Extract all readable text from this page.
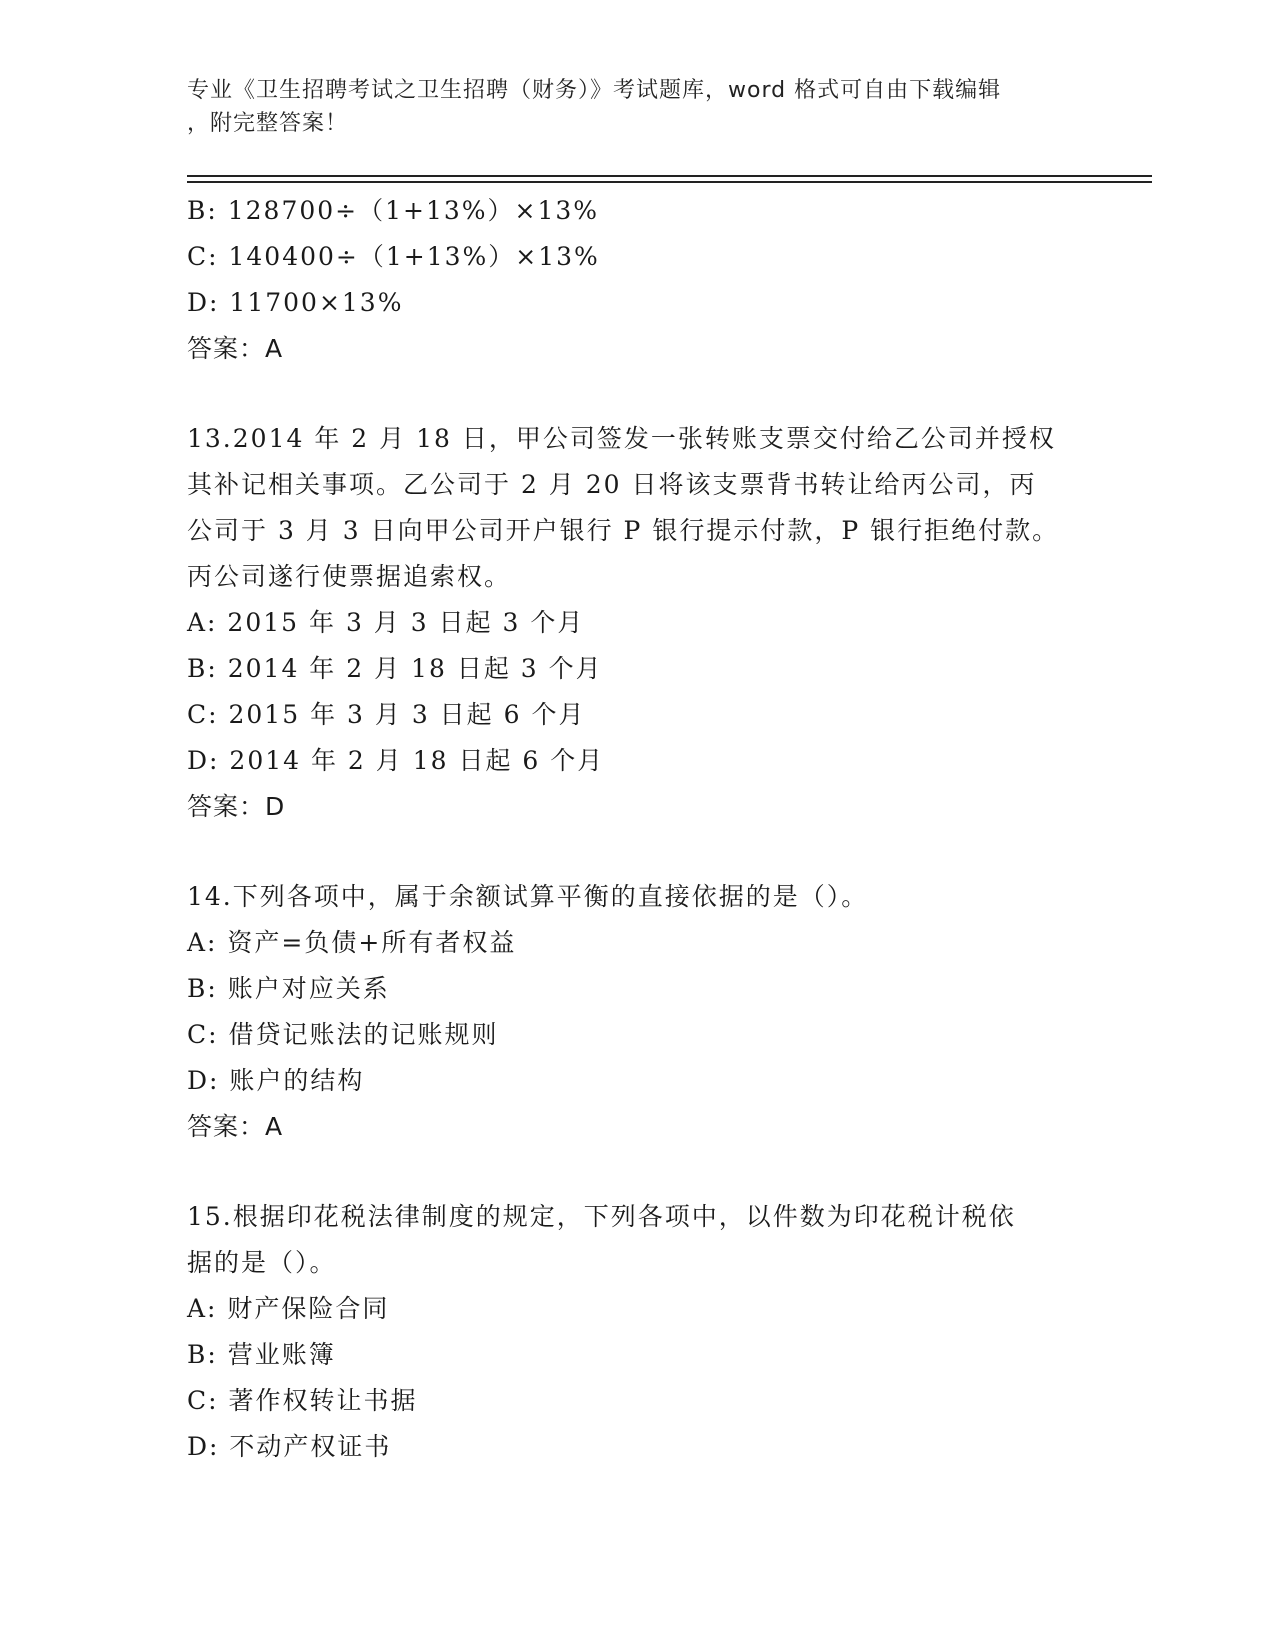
专业《卫生招聘考试之卫生招聘（财务）》考试题库，word 格式可自由下载编辑
，附完整答案！
B: 128700÷（1+13%）×13%
C: 140400÷（1+13%）×13%
D: 11700×13%
答案：A
13.2014 年 2 月 18 日，甲公司签发一张转账支票交付给乙公司并授权
其补记相关事项。乙公司于 2 月 20 日将该支票背书转让给丙公司，丙
公司于 3 月 3 日向甲公司开户银行 P 银行提示付款，P 银行拒绝付款。
丙公司遂行使票据追索权。
A: 2015 年 3 月 3 日起 3 个月
B: 2014 年 2 月 18 日起 3 个月
C: 2015 年 3 月 3 日起 6 个月
D: 2014 年 2 月 18 日起 6 个月
答案：D
14.下列各项中，属于余额试算平衡的直接依据的是（）。
A: 资产=负债+所有者权益
B: 账户对应关系
C: 借贷记账法的记账规则
D: 账户的结构
答案：A
15.根据印花税法律制度的规定，下列各项中，以件数为印花税计税依
据的是（）。
A: 财产保险合同
B: 营业账簿
C: 著作权转让书据
D: 不动产权证书
